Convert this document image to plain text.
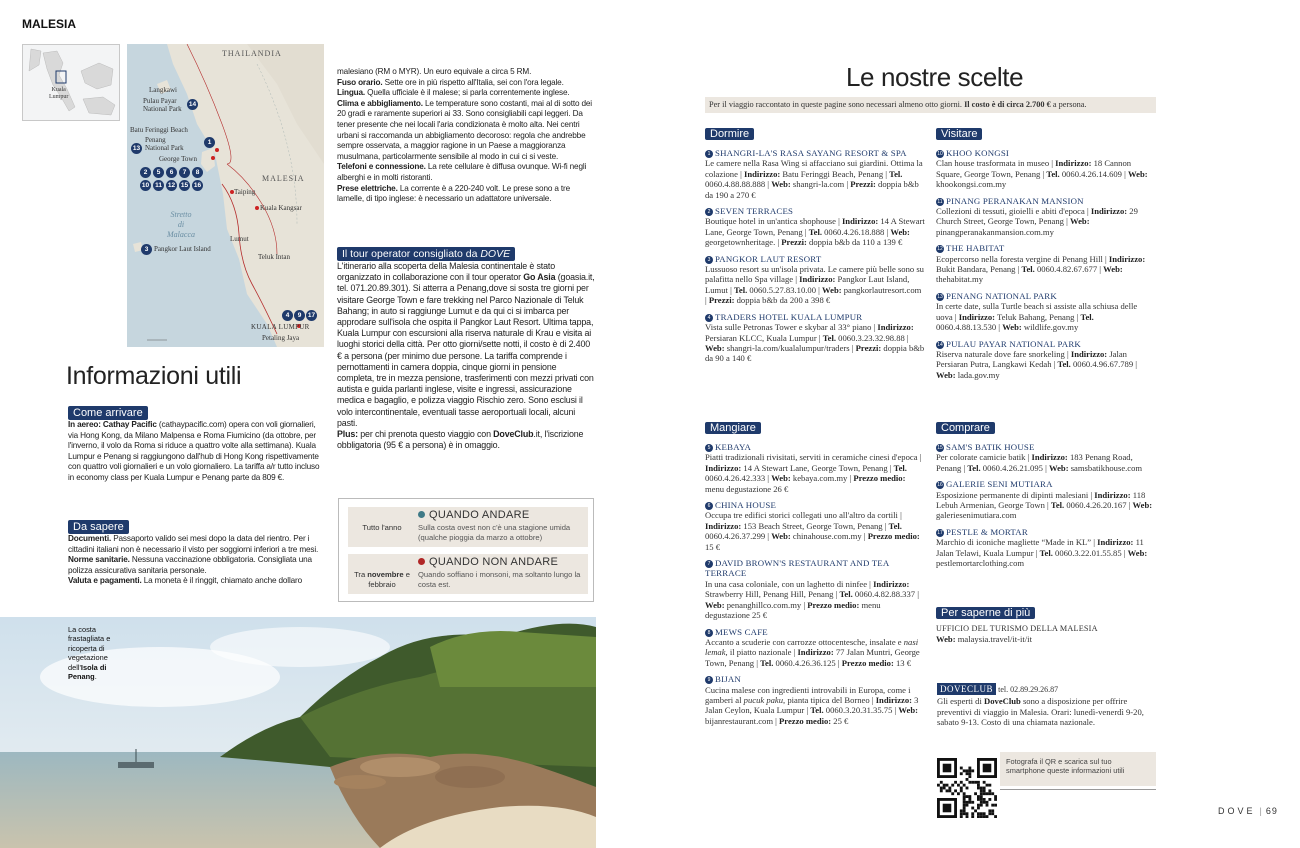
MALESIA
Kuala
Lumpur
THAILANDIA
Langkawi
Pulau Payar
National Park 14
Batu Feringgi Beach
Penang
National Park
1
13
George Town
2	5	6	7	8
10 11 12 15 16
MALESIA
Taiping
Kuala Kangsar
Stretto
di
Malacca	Lumut
3 Pangkor Laut Island
Teluk Intan
4	9	17
KUALA LUMPUR
Petaling Jaya
Informazioni utili
Come arrivare
In aereo: Cathay Pacific (cathaypacific.com) opera con voli giornalieri, via Hong Kong, da Milano Malpensa e Roma Fiumicino (da ottobre, per l'inverno, il volo da Roma si riduce a quattro volte alla settimana). Kuala Lumpur e Penang si raggiungono dall'hub di Hong Kong rispettivamente con quattro voli giornalieri e un volo giornaliero. La tariffa a/r tutto incluso in economy class per Kuala Lumpur e Penang parte da 809 €.
Da sapere
Documenti. Passaporto valido sei mesi dopo la data del rientro. Per i cittadini italiani non è necessario il visto per soggiorni inferiori a tre mesi.
Norme sanitarie. Nessuna vaccinazione obbligatoria. Consigliata una polizza assicurativa sanitaria personale.
Valuta e pagamenti. La moneta è il ringgit, chiamato anche dollaro
malesiano (RM o MYR). Un euro equivale a circa 5 RM.
Fuso orario. Sette ore in più rispetto all'Italia, sei con l'ora legale.
Lingua. Quella ufficiale è il malese; si parla correntemente inglese.
Clima e abbigliamento. Le temperature sono costanti, mai al di sotto dei 20 gradi e raramente superiori ai 33. Sono consigliabili capi leggeri. Da tener presente che nei locali l'aria condizionata è molto alta. Nei centri urbani si raccomanda un abbigliamento decoroso: regola che andrebbe sempre osservata, a maggior ragione in un Paese a maggioranza musulmana, particolarmente sensibile al modo in cui ci si veste.
Telefoni e connessione. La rete cellulare è diffusa ovunque. Wi-fi negli alberghi e in molti ristoranti.
Prese elettriche. La corrente è a 220-240 volt. Le prese sono a tre lamelle, di tipo inglese: è necessario un adattatore universale.
Il tour operator consigliato da DOVE
L'itinerario alla scoperta della Malesia continentale è stato organizzato in collaborazione con il tour operator Go Asia (goasia.it, tel. 071.20.89.301). Si atterra a Penang,dove si sosta tre giorni per visitare George Town e fare trekking nel Parco Nazionale di Teluk Bahang; in auto si raggiunge Lumut e da qui ci si imbarca per approdare sull'isola che ospita il Pangkor Laut Resort. Ultima tappa, Kuala Lumpur con escursioni alla riserva naturale di Krau e visita ai luoghi storici della città. Per otto giorni/sette notti, il costo è di 2.400 € a persona (per minimo due persone. La tariffa comprende i pernottamenti in camera doppia, cinque giorni in pensione completa, tre in mezza pensione, trasferimenti con mezzi privati con autista e guida parlanti inglese, visite e ingressi, assicurazione medica e bagaglio, e polizza viaggio Rischio zero. Sono esclusi il volo intercontinentale, eventuali tasse aeroportuali locali, alcuni pasti.
Plus: per chi prenota questo viaggio con DoveClub.it, l'iscrizione obbligatoria (95 € a persona) è in omaggio.
Tutto l'anno
QUANDO ANDARE
Sulla costa ovest non c'è una stagione umida (qualche pioggia da marzo a ottobre)
Tra novembre e febbraio
QUANDO NON ANDARE
Quando soffiano i monsoni, ma soltanto lungo la costa est.
La costa frastagliata e ricoperta di vegetazione dell'Isola di Penang.
Le nostre scelte
Per il viaggio raccontato in queste pagine sono necessari almeno otto giorni. Il costo è di circa 2.700 € a persona.
Dormire
1 SHANGRI-LA'S RASA SAYANG RESORT & SPA
Le camere nella Rasa Wing si affacciano sui giardini. Ottima la colazione | Indirizzo: Batu Feringgi Beach, Penang | Tel. 0060.4.88.88.888 | Web: shangri-la.com | Prezzi: doppia b&b da 190 a 270 €
2 SEVEN TERRACES
Boutique hotel in un'antica shophouse | Indirizzo: 14 A Stewart Lane, George Town, Penang | Tel. 0060.4.26.18.888 | Web: georgetownheritage. | Prezzi: doppia b&b da 110 a 139 €
3 PANGKOR LAUT RESORT
Lussuoso resort su un'isola privata. Le camere più belle sono su palafitta nello Spa village | Indirizzo: Pangkor Laut Island, Lumut | Tel. 0060.5.27.83.10.00 | Web: pangkorlautresort.com | Prezzi: doppia b&b da 200 a 398 €
4 TRADERS HOTEL KUALA LUMPUR
Vista sulle Petronas Tower e skybar al 33° piano | Indirizzo: Persiaran KLCC, Kuala Lumpur | Tel. 0060.3.23.32.98.88 | Web: shangri-la.com/kualalumpur/traders | Prezzi: doppia b&b da 90 a 140 €
Mangiare
5 KEBAYA
Piatti tradizionali rivisitati, serviti in ceramiche cinesi d'epoca | Indirizzo: 14 A Stewart Lane, George Town, Penang | Tel. 0060.4.26.42.333 | Web: kebaya.com.my | Prezzo medio: menu degustazione 26 €
6 CHINA HOUSE
Occupa tre edifici storici collegati uno all'altro da cortili | Indirizzo: 153 Beach Street, George Town, Penang | Tel. 0060.4.26.37.299 | Web: chinahouse.com.my | Prezzo medio: 15 €
7 DAVID BROWN'S RESTAURANT AND TEA TERRACE
In una casa coloniale, con un laghetto di ninfee | Indirizzo: Strawberry Hill, Penang Hill, Penang | Tel. 0060.4.82.88.337 | Web: penanghillco.com.my | Prezzo medio: menu degustazione 25 €
8 MEWS CAFE
Accanto a scuderie con carrozze ottocentesche, insalate e nasi lemak, il piatto nazionale | Indirizzo: 77 Jalan Muntri, George Town, Penang | Tel. 0060.4.26.36.125 | Prezzo medio: 13 €
9 BIJAN
Cucina malese con ingredienti introvabili in Europa, come i gamberi al pucuk paku, pianta tipica del Borneo | Indirizzo: 3 Jalan Ceylon, Kuala Lumpur | Tel. 0060.3.20.31.35.75 | Web: bijanrestaurant.com | Prezzo medio: 25 €
Visitare
10 KHOO KONGSI
Clan house trasformata in museo | Indirizzo: 18 Cannon Square, George Town, Penang | Tel. 0060.4.26.14.609 | Web: khookongsi.com.my
11 PINANG PERANAKAN MANSION
Collezioni di tessuti, gioielli e abiti d'epoca | Indirizzo: 29 Church Street, George Town, Penang | Web: pinangperanakanmansion.com.my
12 THE HABITAT
Ecopercorso nella foresta vergine di Penang Hill | Indirizzo: Bukit Bandara, Penang | Tel. 0060.4.82.67.677 | Web: thehabitat.my
13 PENANG NATIONAL PARK
In certe date, sulla Turtle beach si assiste alla schiusa delle uova | Indirizzo: Teluk Bahang, Penang | Tel. 0060.4.88.13.530 | Web: wildlife.gov.my
14 PULAU PAYAR NATIONAL PARK
Riserva naturale dove fare snorkeling | Indirizzo: Jalan Persiaran Putra, Langkawi Kedah | Tel. 0060.4.96.67.789 | Web: lada.gov.my
Comprare
15 SAM'S BATIK HOUSE
Per colorate camicie batik | Indirizzo: 183 Penang Road, Penang | Tel. 0060.4.26.21.095 | Web: samsbatikhouse.com
16 GALERIE SENI MUTIARA
Esposizione permanente di dipinti malesiani | Indirizzo: 118 Lebuh Armenian, George Town | Tel. 0060.4.26.20.167 | Web: galeriesenimutiara.com
17 PESTLE & MORTAR
Marchio di iconiche magliette “Made in KL” | Indirizzo: 11 Jalan Telawi, Kuala Lumpur | Tel. 0060.3.22.01.55.85 | Web: pestlemortarclothing.com
Per saperne di più
UFFICIO DEL TURISMO DELLA MALESIA
Web: malaysia.travel/it-it/it
DOVECLUB tel. 02.89.29.26.87
Gli esperti di DoveClub sono a disposizione per offrire preventivi di viaggio in Malesia. Orari: lunedì-venerdì 9-20, sabato 9-13. Costo di una chiamata nazionale.
Fotografa il QR e scarica sul tuo smartphone queste informazioni utili
DOVE | 69
